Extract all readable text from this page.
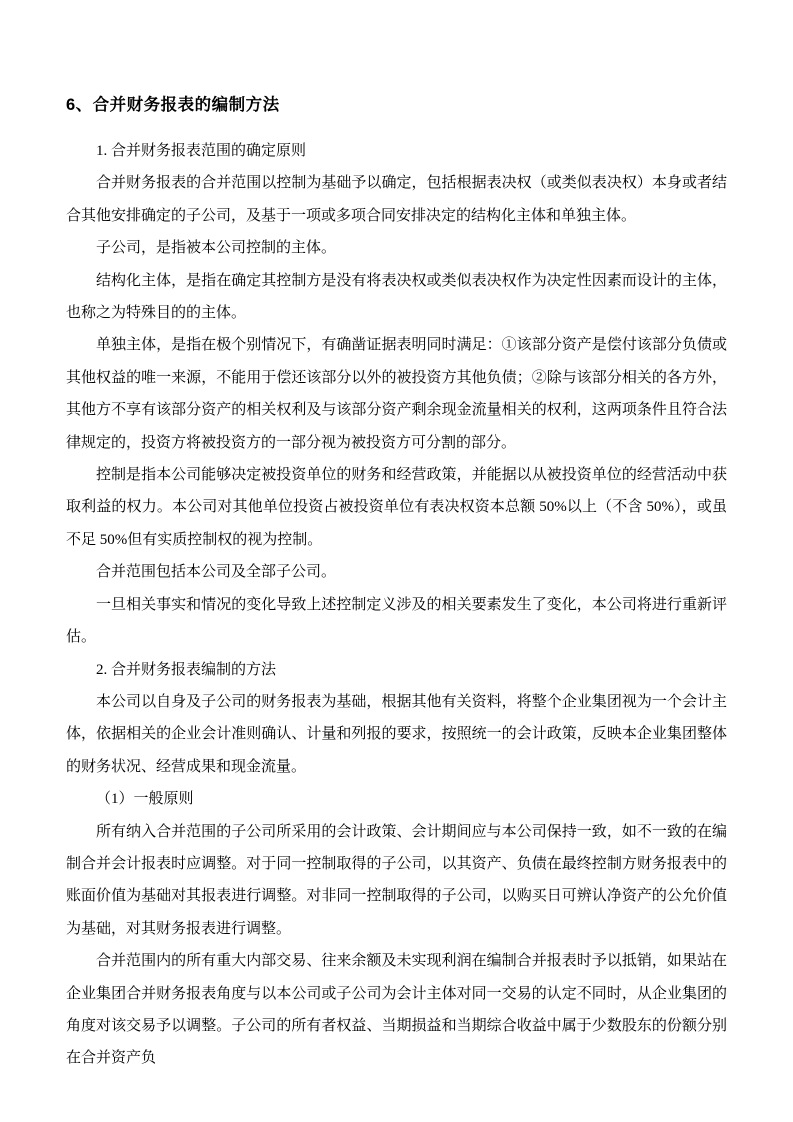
6、合并财务报表的编制方法

1. 合并财务报表范围的确定原则

合并财务报表的合并范围以控制为基础予以确定，包括根据表决权（或类似表决权）本身或者结合其他安排确定的子公司，及基于一项或多项合同安排决定的结构化主体和单独主体。

子公司，是指被本公司控制的主体。

结构化主体，是指在确定其控制方是没有将表决权或类似表决权作为决定性因素而设计的主体，也称之为特殊目的的主体。

单独主体，是指在极个别情况下，有确凿证据表明同时满足：①该部分资产是偿付该部分负债或其他权益的唯一来源，不能用于偿还该部分以外的被投资方其他负债；②除与该部分相关的各方外，其他方不享有该部分资产的相关权利及与该部分资产剩余现金流量相关的权利，这两项条件且符合法律规定的，投资方将被投资方的一部分视为被投资方可分割的部分。

控制是指本公司能够决定被投资单位的财务和经营政策，并能据以从被投资单位的经营活动中获取利益的权力。本公司对其他单位投资占被投资单位有表决权资本总额 50%以上（不含 50%），或虽不足 50%但有实质控制权的视为控制。

合并范围包括本公司及全部子公司。

一旦相关事实和情况的变化导致上述控制定义涉及的相关要素发生了变化，本公司将进行重新评估。

2. 合并财务报表编制的方法

本公司以自身及子公司的财务报表为基础，根据其他有关资料，将整个企业集团视为一个会计主体，依据相关的企业会计准则确认、计量和列报的要求，按照统一的会计政策，反映本企业集团整体的财务状况、经营成果和现金流量。

（1）一般原则

所有纳入合并范围的子公司所采用的会计政策、会计期间应与本公司保持一致，如不一致的在编制合并会计报表时应调整。对于同一控制取得的子公司，以其资产、负债在最终控制方财务报表中的账面价值为基础对其报表进行调整。对非同一控制取得的子公司，以购买日可辨认净资产的公允价值为基础，对其财务报表进行调整。

合并范围内的所有重大内部交易、往来余额及未实现利润在编制合并报表时予以抵销，如果站在企业集团合并财务报表角度与以本公司或子公司为会计主体对同一交易的认定不同时，从企业集团的角度对该交易予以调整。子公司的所有者权益、当期损益和当期综合收益中属于少数股东的份额分别在合并资产负
